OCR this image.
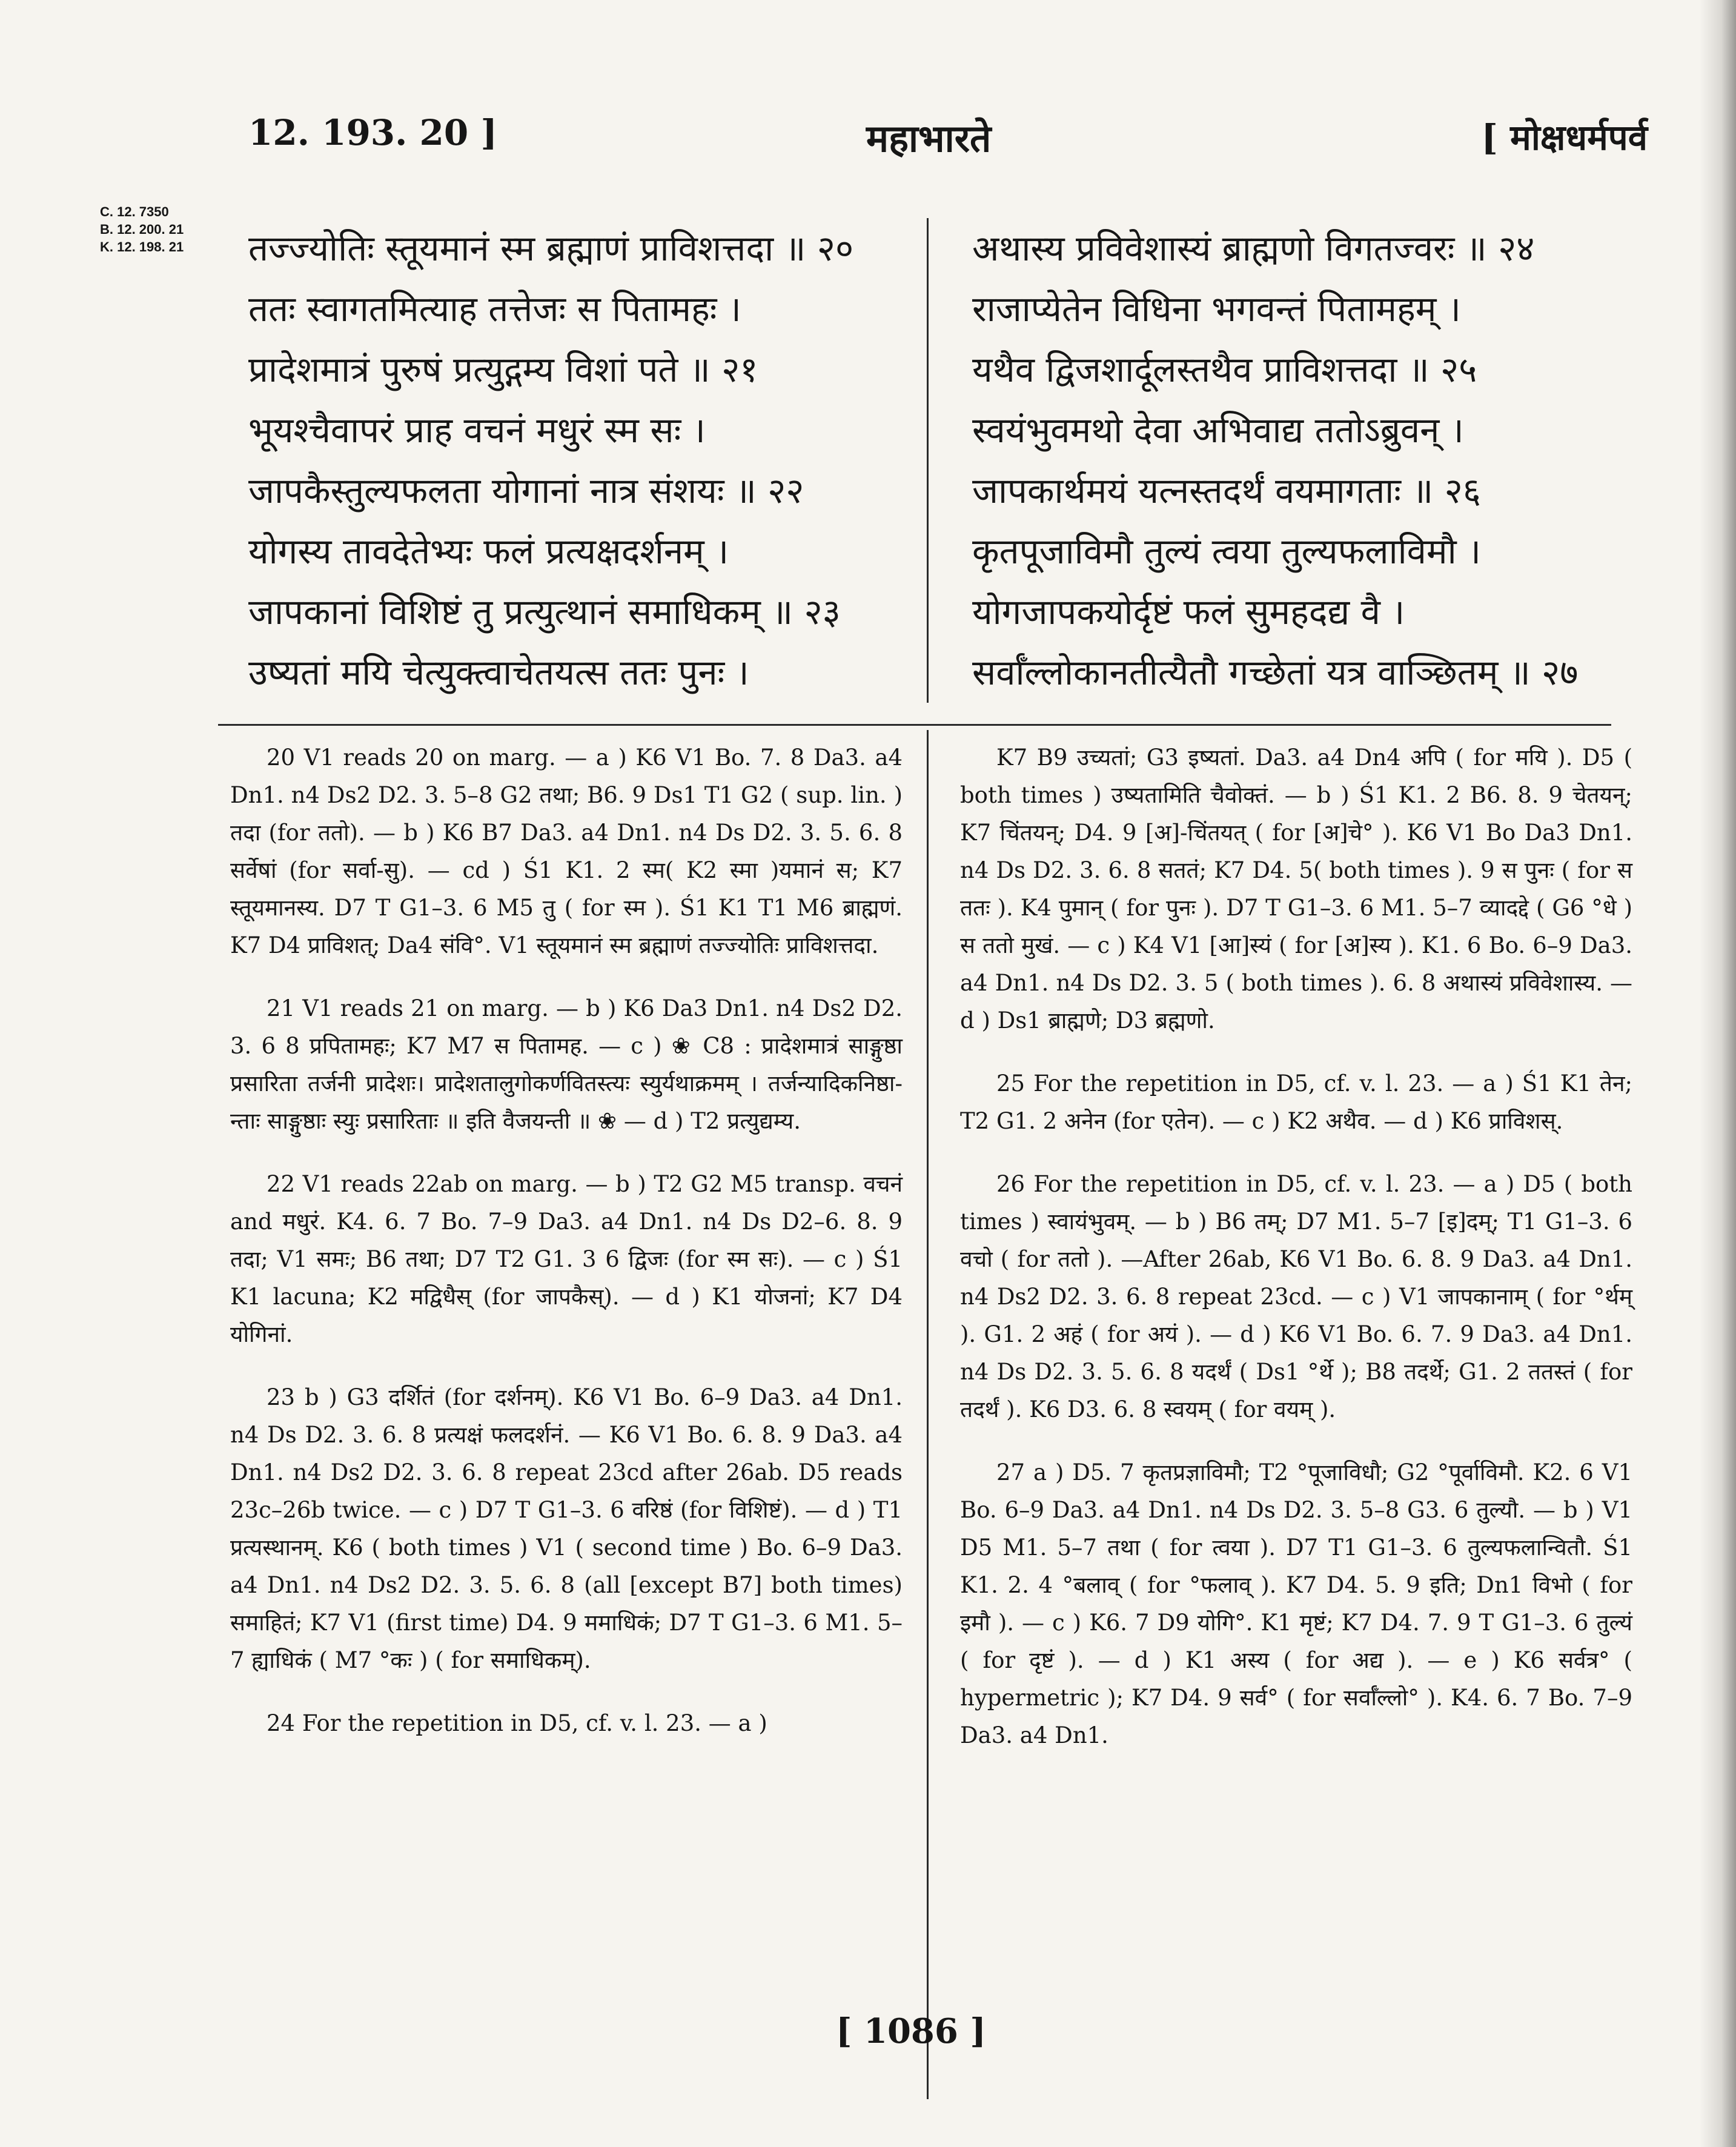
12. 193. 20 ]	महाभारते	[ मोक्षधर्मपर्व
C. 12. 7350
B. 12. 200. 21
K. 12. 198. 21	तज्ज्योतिः स्तूयमानं स्म ब्रह्माणं प्राविशत्तदा ॥ २०
ततः स्वागतमित्याह तत्तेजः स पितामहः ।
प्रादेशमात्रं पुरुषं प्रत्युद्गम्य विशां पते ॥ २१
भूयश्चैवापरं प्राह वचनं मधुरं स्म सः ।
जापकैस्तुल्यफलता योगानां नात्र संशयः ॥ २२
योगस्य तावदेतेभ्यः फलं प्रत्यक्षदर्शनम् ।
जापकानां विशिष्टं तु प्रत्युत्थानं समाधिकम् ॥ २३
उष्यतां मयि चेत्युक्त्वाचेतयत्स ततः पुनः ।
अथास्य प्रविवेशास्यं ब्राह्मणो विगतज्वरः ॥ २४
राजाप्येतेन विधिना भगवन्तं पितामहम् ।
यथैव द्विजशार्दूलस्तथैव प्राविशत्तदा ॥ २५
स्वयंभुवमथो देवा अभिवाद्य ततोऽब्रुवन् ।
जापकार्थमयं यत्नस्तदर्थं वयमागताः ॥ २६
कृतपूजाविमौ तुल्यं त्वया तुल्यफलाविमौ ।
योगजापकयोर्दृष्टं फलं सुमहदद्य वै ।
सर्वाँल्लोकानतीत्यैतौ गच्छेतां यत्र वाञ्छितम् ॥ २७

20 V1 reads 20 on marg. — a ) K6 V1 Bo. 7. 8 Da3. a4 Dn1. n4 Ds2 D2. 3. 5–8 G2 तथा; B6. 9 Ds1 T1 G2 ( sup. lin. ) तदा (for ततो). — b ) K6 B7 Da3. a4 Dn1. n4 Ds D2. 3. 5. 6. 8 सर्वेषां (for सर्वा-सु). — cd ) Ś1 K1. 2 स्म( K2 स्मा )यमानं स; K7 स्तूयमानस्य. D7 T G1–3. 6 M5 तु ( for स्म ). Ś1 K1 T1 M6 ब्राह्मणं. K7 D4 प्राविशत्; Da4 संवि°. V1 स्तूयमानं स्म ब्रह्माणं तज्ज्योतिः प्राविशत्तदा.

21 V1 reads 21 on marg. — b ) K6 Da3 Dn1. n4 Ds2 D2. 3. 6 8 प्रपितामहः; K7 M7 स पितामह. — c ) ❀ C8 : प्रादेशमात्रं साङ्गुष्ठा प्रसारिता तर्जनी प्रादेशः। प्रादेशतालुगोकर्णवितस्त्यः स्युर्यथाक्रमम् । तर्जन्यादिकनिष्ठा-न्ताः साङ्गुष्ठाः स्युः प्रसारिताः ॥ इति वैजयन्ती ॥ ❀ — d ) T2 प्रत्युद्यम्य.

22 V1 reads 22ab on marg. — b ) T2 G2 M5 transp. वचनं and मधुरं. K4. 6. 7 Bo. 7–9 Da3. a4 Dn1. n4 Ds D2–6. 8. 9 तदा; V1 समः; B6 तथा; D7 T2 G1. 3 6 द्विजः (for स्म सः). — c ) Ś1 K1 lacuna; K2 मद्विधैस् (for जापकैस्). — d ) K1 योजनां; K7 D4 योगिनां.

23 b ) G3 दर्शितं (for दर्शनम्). K6 V1 Bo. 6–9 Da3. a4 Dn1. n4 Ds D2. 3. 6. 8 प्रत्यक्षं फलदर्शनं. — K6 V1 Bo. 6. 8. 9 Da3. a4 Dn1. n4 Ds2 D2. 3. 6. 8 repeat 23cd after 26ab. D5 reads 23c–26b twice. — c ) D7 T G1–3. 6 वरिष्ठं (for विशिष्टं). — d ) T1 प्रत्यस्थानम्. K6 ( both times ) V1 ( second time ) Bo. 6–9 Da3. a4 Dn1. n4 Ds2 D2. 3. 5. 6. 8 (all [except B7] both times) समाहितं; K7 V1 (first time) D4. 9 ममाधिकं; D7 T G1–3. 6 M1. 5–7 ह्याधिकं ( M7 °कः ) ( for समाधिकम्).

24 For the repetition in D5, cf. v. l. 23. — a )

K7 B9 उच्यतां; G3 इष्यतां. Da3. a4 Dn4 अपि ( for मयि ). D5 ( both times ) उष्यतामिति चैवोक्तं. — b ) Ś1 K1. 2 B6. 8. 9 चेतयन्; K7 चिंतयन्; D4. 9 [अ]-चिंतयत् ( for [अ]चे° ). K6 V1 Bo Da3 Dn1. n4 Ds D2. 3. 6. 8 सततं; K7 D4. 5( both times ). 9 स पुनः ( for स ततः ). K4 पुमान् ( for पुनः ). D7 T G1–3. 6 M1. 5–7 व्यादद्दे ( G6 °धे ) स ततो मुखं. — c ) K4 V1 [आ]स्यं ( for [अ]स्य ). K1. 6 Bo. 6–9 Da3. a4 Dn1. n4 Ds D2. 3. 5 ( both times ). 6. 8 अथास्यं प्रविवेशास्य. — d ) Ds1 ब्राह्मणे; D3 ब्रह्मणो.

25 For the repetition in D5, cf. v. l. 23. — a ) Ś1 K1 तेन; T2 G1. 2 अनेन (for एतेन). — c ) K2 अथैव. — d ) K6 प्राविशस्.

26 For the repetition in D5, cf. v. l. 23. — a ) D5 ( both times ) स्वायंभुवम्. — b ) B6 तम्; D7 M1. 5–7 [इ]दम्; T1 G1–3. 6 वचो ( for ततो ). —After 26ab, K6 V1 Bo. 6. 8. 9 Da3. a4 Dn1. n4 Ds2 D2. 3. 6. 8 repeat 23cd. — c ) V1 जापकानाम् ( for °र्थम् ). G1. 2 अहं ( for अयं ). — d ) K6 V1 Bo. 6. 7. 9 Da3. a4 Dn1. n4 Ds D2. 3. 5. 6. 8 यदर्थं ( Ds1 °र्थे ); B8 तदर्थे; G1. 2 ततस्तं ( for तदर्थं ). K6 D3. 6. 8 स्वयम् ( for वयम् ).

27 a ) D5. 7 कृतप्रज्ञाविमौ; T2 °पूजाविधौ; G2 °पूर्वाविमौ. K2. 6 V1 Bo. 6–9 Da3. a4 Dn1. n4 Ds D2. 3. 5–8 G3. 6 तुल्यौ. — b ) V1 D5 M1. 5–7 तथा ( for त्वया ). D7 T1 G1–3. 6 तुल्यफलान्वितौ. Ś1 K1. 2. 4 °बलाव् ( for °फलाव् ). K7 D4. 5. 9 इति; Dn1 विभो ( for इमौ ). — c ) K6. 7 D9 योगि°. K1 मृष्टं; K7 D4. 7. 9 T G1–3. 6 तुल्यं ( for दृष्टं ). — d ) K1 अस्य ( for अद्य ). — e ) K6 सर्वत्र° ( hypermetric ); K7 D4. 9 सर्व° ( for सर्वाँल्लो° ). K4. 6. 7 Bo. 7–9 Da3. a4 Dn1.

[ 1086 ]
